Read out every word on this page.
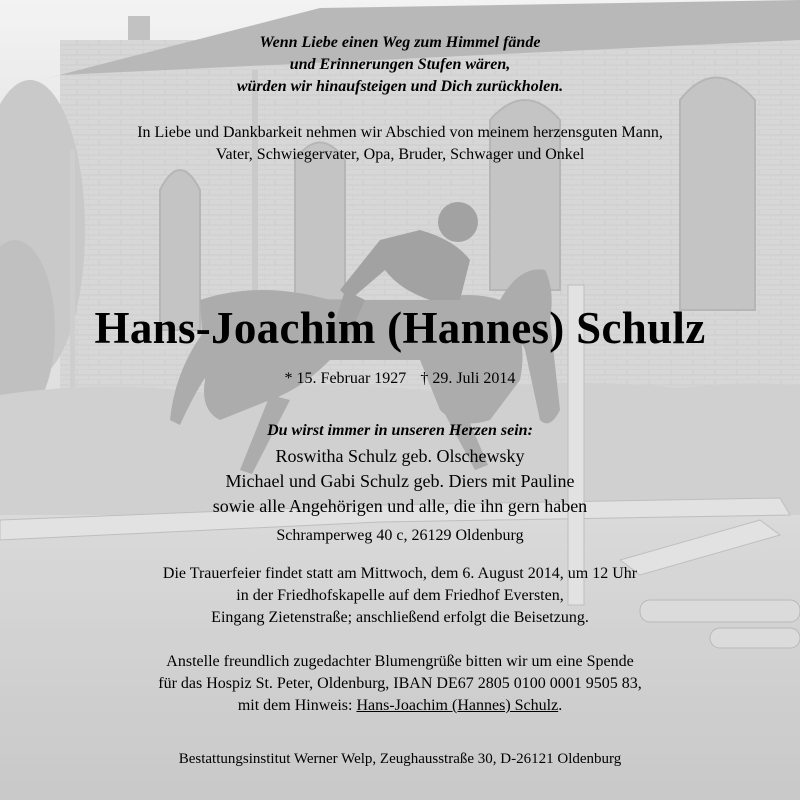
Wenn Liebe einen Weg zum Himmel fände
und Erinnerungen Stufen wären,
würden wir hinaufsteigen und Dich zurückholen.
In Liebe und Dankbarkeit nehmen wir Abschied von meinem herzensguten Mann,
Vater, Schwiegervater, Opa, Bruder, Schwager und Onkel
Hans-Joachim (Hannes) Schulz
* 15. Februar 1927 † 29. Juli 2014
Du wirst immer in unseren Herzen sein:
Roswitha Schulz geb. Olschewsky
Michael und Gabi Schulz geb. Diers mit Pauline
sowie alle Angehörigen und alle, die ihn gern haben
Schramperweg 40 c, 26129 Oldenburg
Die Trauerfeier findet statt am Mittwoch, dem 6. August 2014, um 12 Uhr
in der Friedhofskapelle auf dem Friedhof Eversten,
Eingang Zietenstraße; anschließend erfolgt die Beisetzung.
Anstelle freundlich zugedachter Blumengrüße bitten wir um eine Spende
für das Hospiz St. Peter, Oldenburg, IBAN DE67 2805 0100 0001 9505 83,
mit dem Hinweis: Hans-Joachim (Hannes) Schulz.
Bestattungsinstitut Werner Welp, Zeughausstraße 30, D-26121 Oldenburg
